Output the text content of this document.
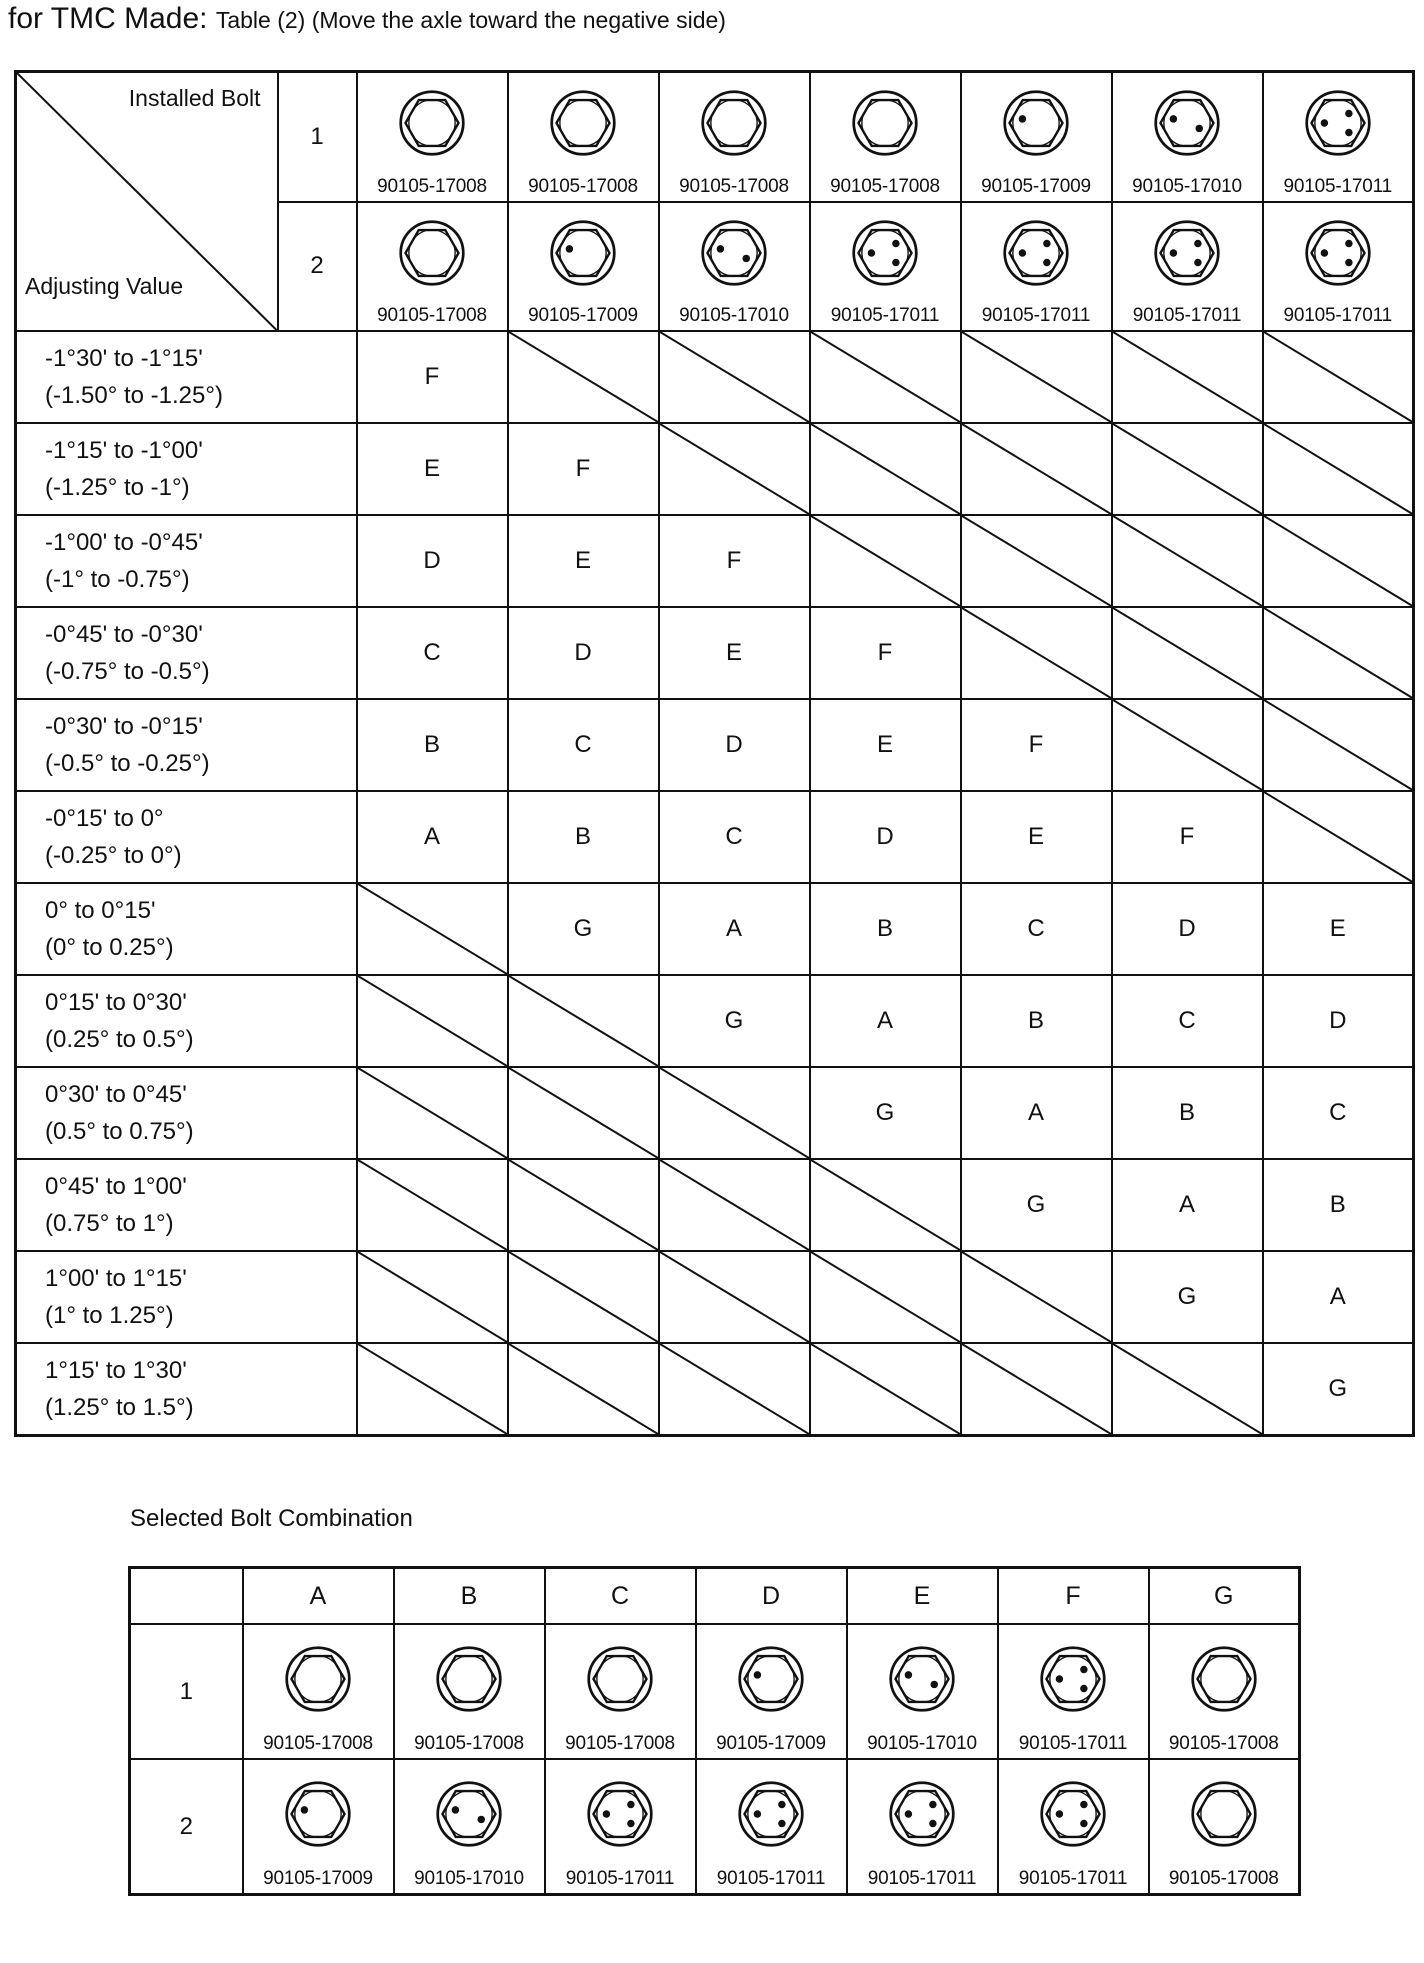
for TMC Made: Table (2) (Move the axle toward the negative side)
Installed Bolt
Adjusting Value	1	90105-17008	90105-17008	90105-17008	90105-17008	90105-17009	90105-17010	90105-17011

	2	90105-17008	90105-17009	90105-17010	90105-17011	90105-17011	90105-17011	90105-17011

-1°30' to -1°15'
(-1.50° to -1.25°)		F	

-1°15' to -1°00'
(-1.25° to -1°)		E	F	

-1°00' to -0°45'
(-1° to -0.75°)		D	E	F	

-0°45' to -0°30'
(-0.75° to -0.5°)		C	D	E	F	

-0°30' to -0°15'
(-0.5° to -0.25°)		B	C	D	E	F	

-0°15' to 0°
(-0.25° to 0°)		A	B	C	D	E	F	

0° to 0°15'
(0° to 0.25°)			G	A	B	C	D	E

0°15' to 0°30'
(0.25° to 0.5°)				G	A	B	C	D

0°30' to 0°45'
(0.5° to 0.75°)					G	A	B	C

0°45' to 1°00'
(0.75° to 1°)						G	A	B

1°00' to 1°15'
(1° to 1.25°)							G	A

1°15' to 1°30'
(1.25° to 1.5°)								G
Selected Bolt Combination
	A	B	C	D	E	F	G
1	90105-17008	90105-17008	90105-17008	90105-17009	90105-17010	90105-17011	90105-17008

2	90105-17009	90105-17010	90105-17011	90105-17011	90105-17011	90105-17011	90105-17008
